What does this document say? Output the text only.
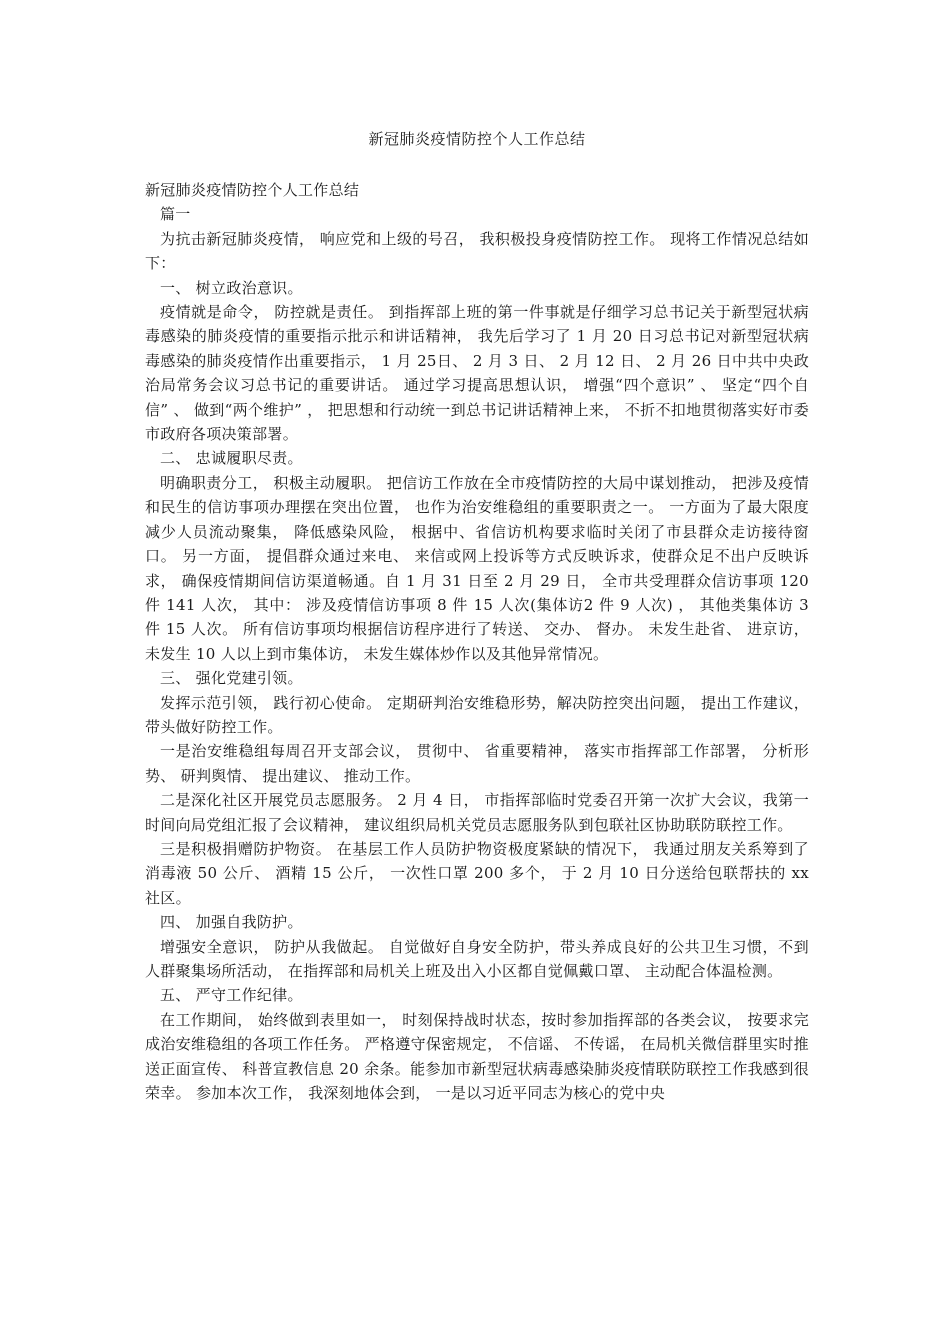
新冠肺炎疫情防控个人工作总结

新冠肺炎疫情防控个人工作总结

篇一

为抗击新冠肺炎疫情， 响应党和上级的号召， 我积极投身疫情防控工作。 现将工作情况总结如下：

一、 树立政治意识。

疫情就是命令， 防控就是责任。 到指挥部上班的第一件事就是仔细学习总书记关于新型冠状病毒感染的肺炎疫情的重要指示批示和讲话精神， 我先后学习了 1 月 20 日习总书记对新型冠状病毒感染的肺炎疫情作出重要指示， 1 月 25日、 2 月 3 日、 2 月 12 日、 2 月 26 日中共中央政治局常务会议习总书记的重要讲话。 通过学习提高思想认识， 增强“四个意识” 、 坚定“四个自信” 、 做到“两个维护” ， 把思想和行动统一到总书记讲话精神上来， 不折不扣地贯彻落实好市委市政府各项决策部署。

二、 忠诚履职尽责。

明确职责分工， 积极主动履职。 把信访工作放在全市疫情防控的大局中谋划推动， 把涉及疫情和民生的信访事项办理摆在突出位置， 也作为治安维稳组的重要职责之一。 一方面为了最大限度减少人员流动聚集， 降低感染风险， 根据中、省信访机构要求临时关闭了市县群众走访接待窗口。 另一方面， 提倡群众通过来电、 来信或网上投诉等方式反映诉求，使群众足不出户反映诉求， 确保疫情期间信访渠道畅通。自 1 月 31 日至 2 月 29 日， 全市共受理群众信访事项 120件 141 人次， 其中： 涉及疫情信访事项 8 件 15 人次(集体访2 件 9 人次) ， 其他类集体访 3 件 15 人次。 所有信访事项均根据信访程序进行了转送、 交办、 督办。 未发生赴省、 进京访， 未发生 10 人以上到市集体访， 未发生媒体炒作以及其他异常情况。

三、 强化党建引领。

发挥示范引领， 践行初心使命。 定期研判治安维稳形势，解决防控突出问题， 提出工作建议， 带头做好防控工作。

一是治安维稳组每周召开支部会议， 贯彻中、 省重要精神， 落实市指挥部工作部署， 分析形势、 研判舆情、 提出建议、 推动工作。

二是深化社区开展党员志愿服务。 2 月 4 日， 市指挥部临时党委召开第一次扩大会议，我第一时间向局党组汇报了会议精神， 建议组织局机关党员志愿服务队到包联社区协助联防联控工作。

三是积极捐赠防护物资。 在基层工作人员防护物资极度紧缺的情况下， 我通过朋友关系筹到了消毒液 50 公斤、 酒精 15 公斤， 一次性口罩 200 多个， 于 2 月 10 日分送给包联帮扶的 xx 社区。

四、 加强自我防护。

增强安全意识， 防护从我做起。 自觉做好自身安全防护，带头养成良好的公共卫生习惯，不到人群聚集场所活动， 在指挥部和局机关上班及出入小区都自觉佩戴口罩、 主动配合体温检测。

五、 严守工作纪律。

在工作期间， 始终做到表里如一， 时刻保持战时状态，按时参加指挥部的各类会议， 按要求完成治安维稳组的各项工作任务。 严格遵守保密规定， 不信谣、 不传谣， 在局机关微信群里实时推送正面宣传、 科普宣教信息 20 余条。能参加市新型冠状病毒感染肺炎疫情联防联控工作我感到很荣幸。 参加本次工作， 我深刻地体会到， 一是以习近平同志为核心的党中央
